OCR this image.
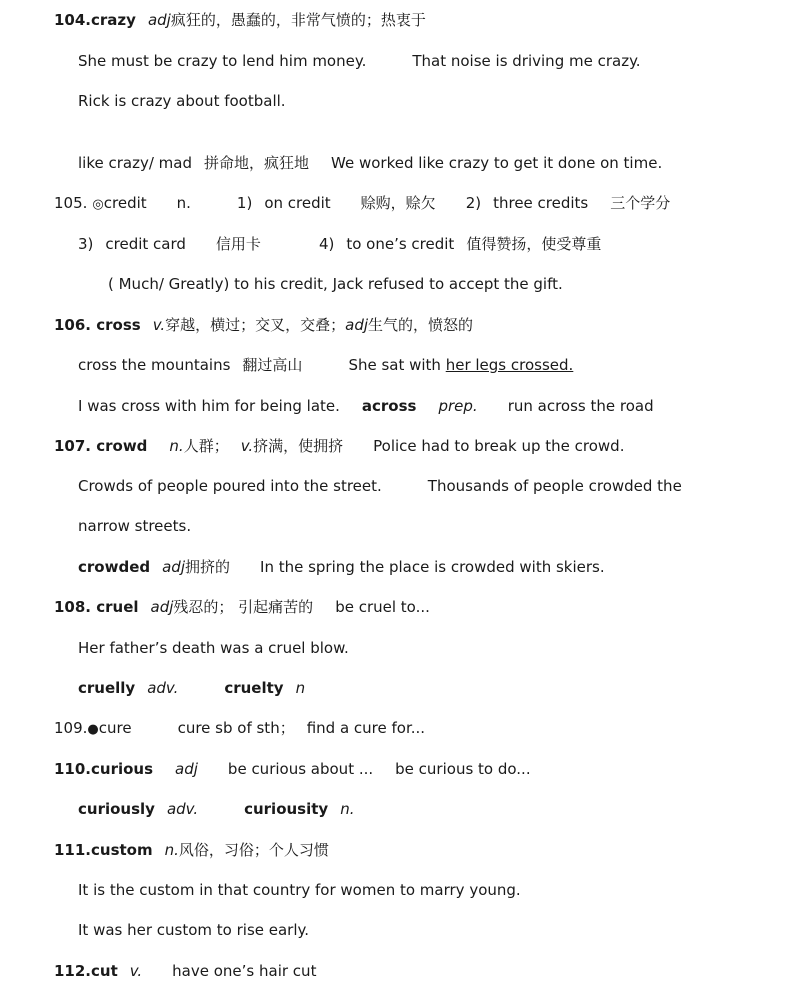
104.crazy adj疯狂的，愚蠢的，非常气愤的；热衷于
She must be crazy to lend him money.	That noise is driving me crazy.
Rick is crazy about football.
like crazy/ mad 拼命地，疯狂地 We worked like crazy to get it done on time.
105. ◎credit n.	1) on credit 赊购，赊欠 2) three credits 三个学分
3) credit card 信用卡	4) to one’s credit 值得赞扬，使受尊重
( Much/ Greatly) to his credit, Jack refused to accept the gift.
106. cross v.穿越，横过；交叉，交叠；adj生气的，愤怒的
cross the mountains 翻过高山	She sat with her legs crossed.
I was cross with him for being late. across prep. run across the road
107. crowd n.人群； v.挤满，使拥挤 Police had to break up the crowd.
Crowds of people poured into the street.	Thousands of people crowded the
narrow streets.
crowded adj拥挤的 In the spring the place is crowded with skiers.
108. cruel adj残忍的； 引起痛苦的 be cruel to...
Her father’s death was a cruel blow.
cruelly adv.	cruelty n
109.●cure	cure sb of sth； find a cure for...
110.curious adj be curious about ... be curious to do...
curiously adv.	curiousity n.
111.custom n.风俗，习俗；个人习惯
It is the custom in that country for women to marry young.
It was her custom to rise early.
112.cut v. have one’s hair cut
